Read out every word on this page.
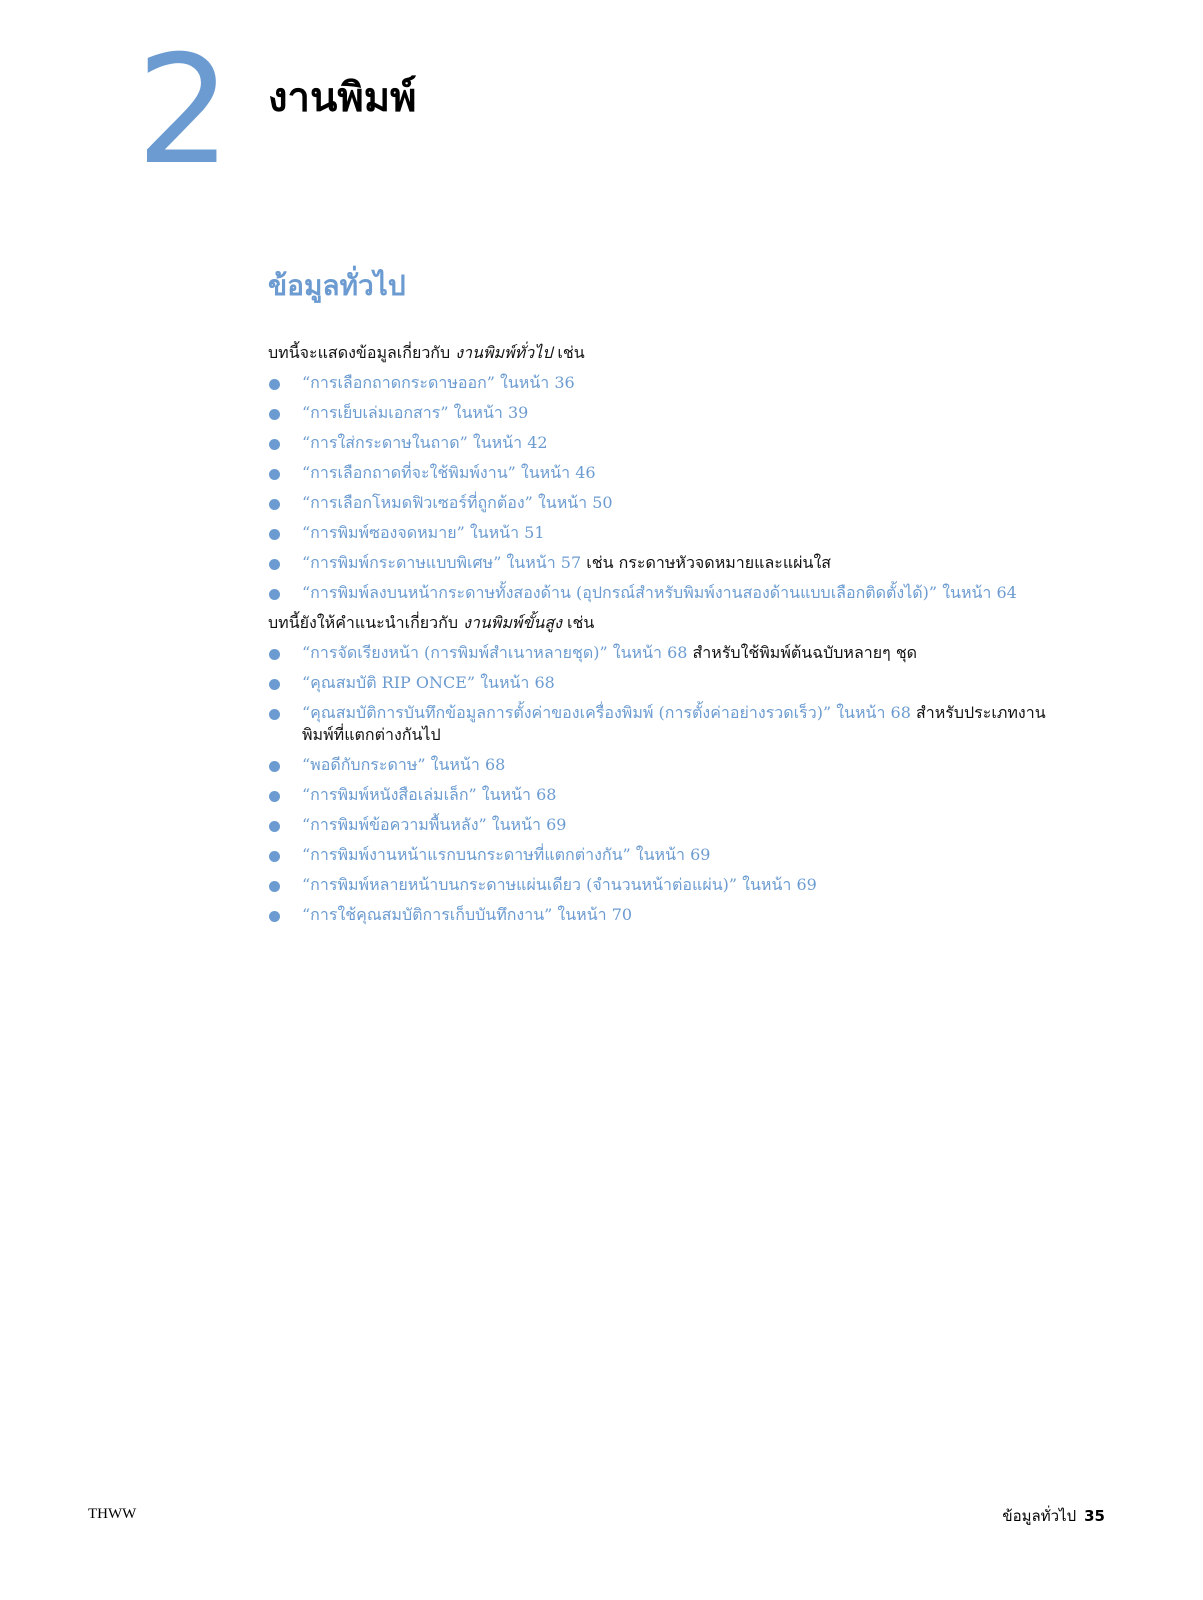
2 งานพิมพ์
ข้อมูลทั่วไป

บทนี้จะแสดงข้อมูลเกี่ยวกับ งานพิมพ์ทั่วไป เช่น

“การเลือกถาดกระดาษออก” ในหน้า 36
“การเย็บเล่มเอกสาร” ในหน้า 39
“การใส่กระดาษในถาด” ในหน้า 42
“การเลือกถาดที่จะใช้พิมพ์งาน” ในหน้า 46
“การเลือกโหมดฟิวเซอร์ที่ถูกต้อง” ในหน้า 50
“การพิมพ์ซองจดหมาย” ในหน้า 51
“การพิมพ์กระดาษแบบพิเศษ” ในหน้า 57 เช่น กระดาษหัวจดหมายและแผ่นใส
“การพิมพ์ลงบนหน้ากระดาษทั้งสองด้าน (อุปกรณ์สำหรับพิมพ์งานสองด้านแบบเลือกติดตั้งได้)” ในหน้า 64

บทนี้ยังให้คำแนะนำเกี่ยวกับ งานพิมพ์ขั้นสูง เช่น

“การจัดเรียงหน้า (การพิมพ์สำเนาหลายชุด)” ในหน้า 68 สำหรับใช้พิมพ์ต้นฉบับหลายๆ ชุด
“คุณสมบัติ RIP ONCE” ในหน้า 68
“คุณสมบัติการบันทึกข้อมูลการตั้งค่าของเครื่องพิมพ์ (การตั้งค่าอย่างรวดเร็ว)” ในหน้า 68 สำหรับประเภทงานพิมพ์ที่แตกต่างกันไป
“พอดีกับกระดาษ” ในหน้า 68
“การพิมพ์หนังสือเล่มเล็ก” ในหน้า 68
“การพิมพ์ข้อความพื้นหลัง” ในหน้า 69
“การพิมพ์งานหน้าแรกบนกระดาษที่แตกต่างกัน” ในหน้า 69
“การพิมพ์หลายหน้าบนกระดาษแผ่นเดียว (จำนวนหน้าต่อแผ่น)” ในหน้า 69
“การใช้คุณสมบัติการเก็บบันทึกงาน” ในหน้า 70
THWW	ข้อมูลทั่วไป 35
